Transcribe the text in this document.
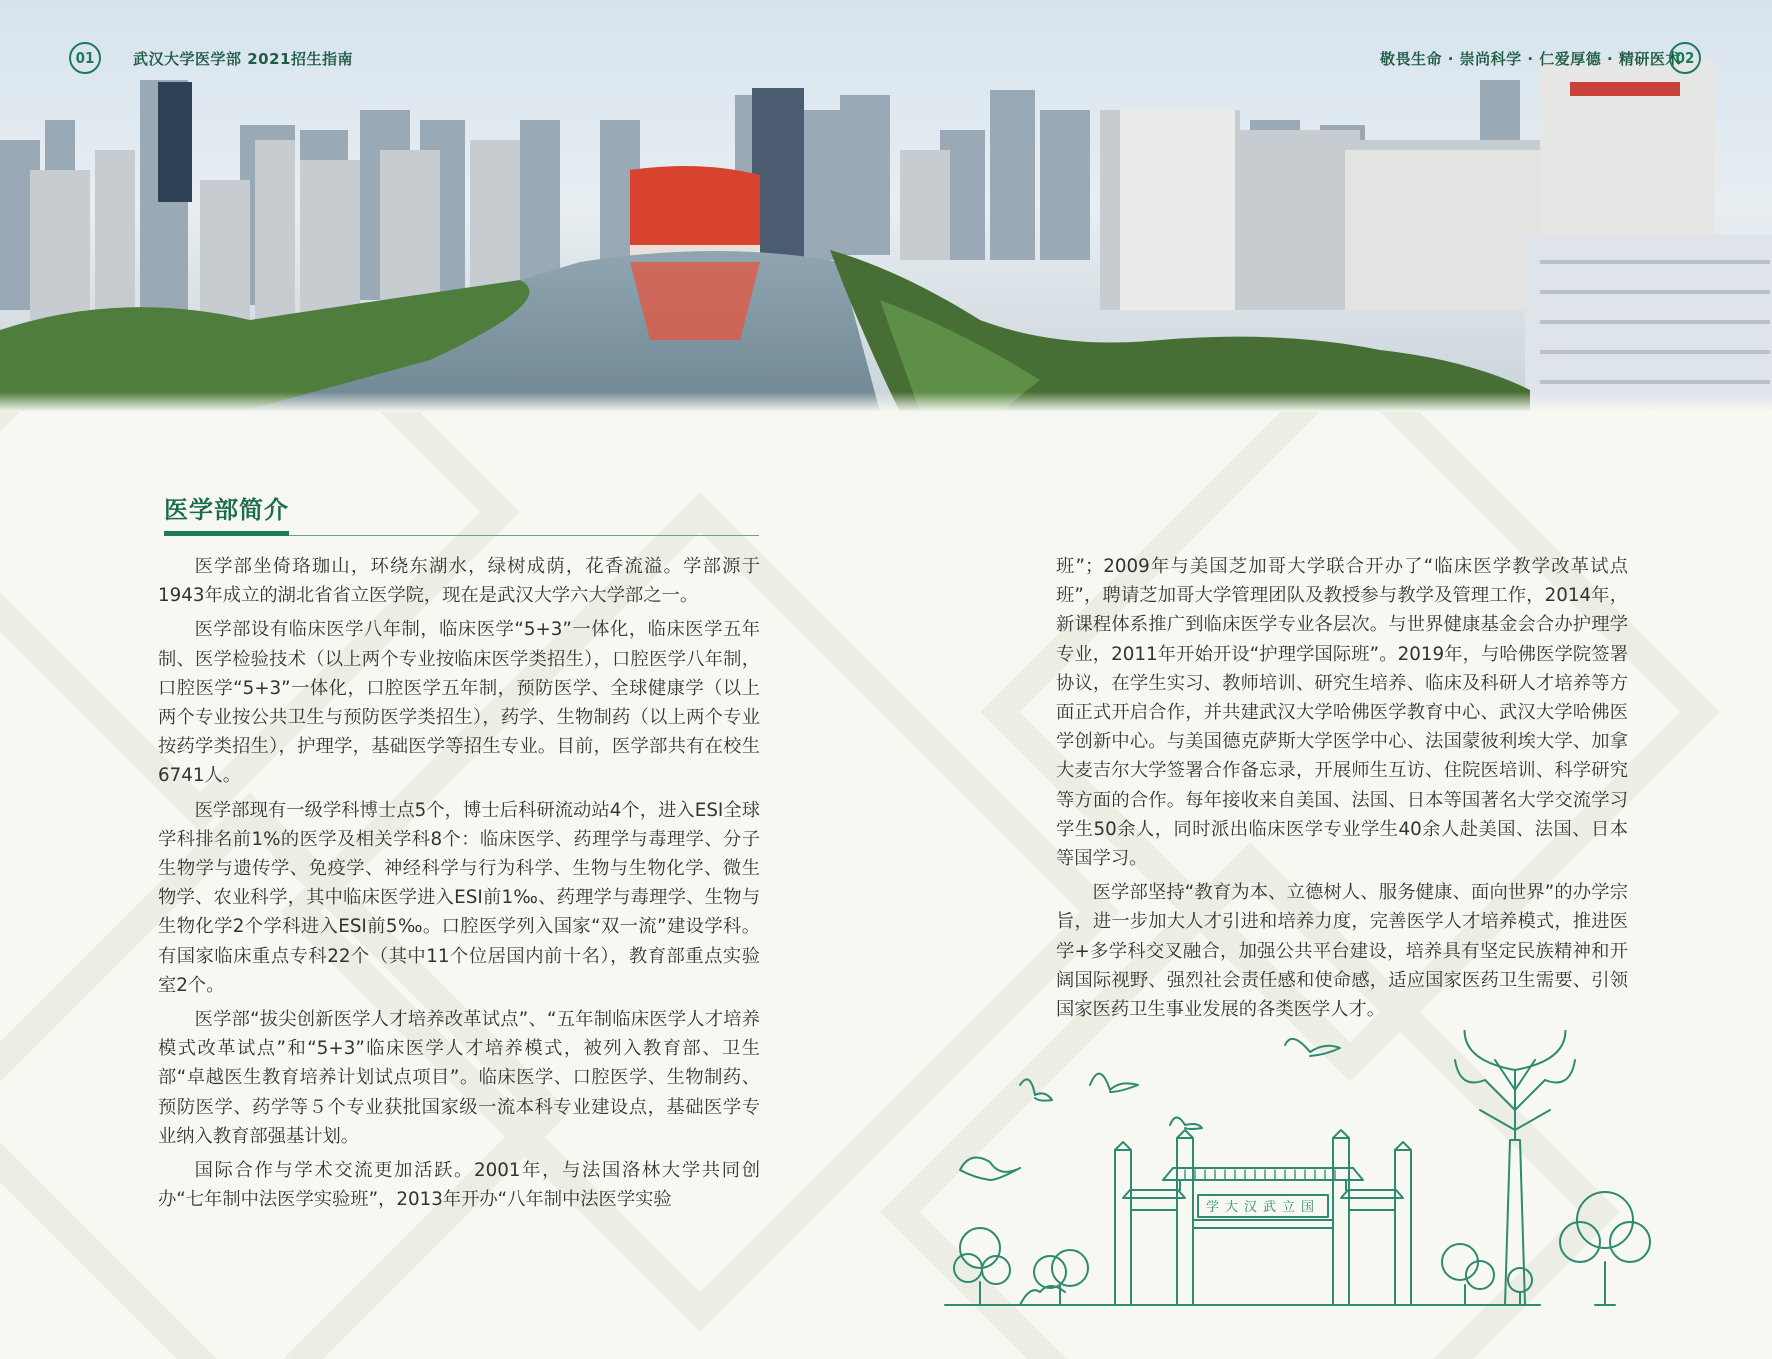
01	武汉大学医学部 2021招生指南	敬畏生命 · 崇尚科学 · 仁爱厚德 · 精研医术
02
医学部简介

医学部坐倚珞珈山，环绕东湖水，绿树成荫，花香流溢。学部源于1943年成立的湖北省省立医学院，现在是武汉大学六大学部之一。

医学部设有临床医学八年制，临床医学“5+3”一体化，临床医学五年制、医学检验技术（以上两个专业按临床医学类招生），口腔医学八年制，口腔医学“5+3”一体化，口腔医学五年制，预防医学、全球健康学（以上两个专业按公共卫生与预防医学类招生），药学、生物制药（以上两个专业按药学类招生），护理学，基础医学等招生专业。目前，医学部共有在校生6741人。

医学部现有一级学科博士点5个，博士后科研流动站4个，进入ESI全球学科排名前1%的医学及相关学科8个：临床医学、药理学与毒理学、分子生物学与遗传学、免疫学、神经科学与行为科学、生物与生物化学、微生物学、农业科学，其中临床医学进入ESI前1‰、药理学与毒理学、生物与生物化学2个学科进入ESI前5‰。口腔医学列入国家“双一流”建设学科。有国家临床重点专科22个（其中11个位居国内前十名），教育部重点实验室2个。

医学部“拔尖创新医学人才培养改革试点”、“五年制临床医学人才培养模式改革试点”和“5+3”临床医学人才培养模式，被列入教育部、卫生部“卓越医生教育培养计划试点项目”。临床医学、口腔医学、生物制药、预防医学、药学等５个专业获批国家级一流本科专业建设点，基础医学专业纳入教育部强基计划。

国际合作与学术交流更加活跃。2001年，与法国洛林大学共同创办“七年制中法医学实验班”，2013年开办“八年制中法医学实验

班”；2009年与美国芝加哥大学联合开办了“临床医学教学改革试点班”，聘请芝加哥大学管理团队及教授参与教学及管理工作，2014年，新课程体系推广到临床医学专业各层次。与世界健康基金会合办护理学专业，2011年开始开设“护理学国际班”。2019年，与哈佛医学院签署协议，在学生实习、教师培训、研究生培养、临床及科研人才培养等方面正式开启合作，并共建武汉大学哈佛医学教育中心、武汉大学哈佛医学创新中心。与美国德克萨斯大学医学中心、法国蒙彼利埃大学、加拿大麦吉尔大学签署合作备忘录，开展师生互访、住院医培训、科学研究等方面的合作。每年接收来自美国、法国、日本等国著名大学交流学习学生50余人，同时派出临床医学专业学生40余人赴美国、法国、日本等国学习。

医学部坚持“教育为本、立德树人、服务健康、面向世界”的办学宗旨，进一步加大人才引进和培养力度，完善医学人才培养模式，推进医学+多学科交叉融合，加强公共平台建设，培养具有坚定民族精神和开阔国际视野、强烈社会责任感和使命感，适应国家医药卫生需要、引领国家医药卫生事业发展的各类医学人才。

学大汉武立国
